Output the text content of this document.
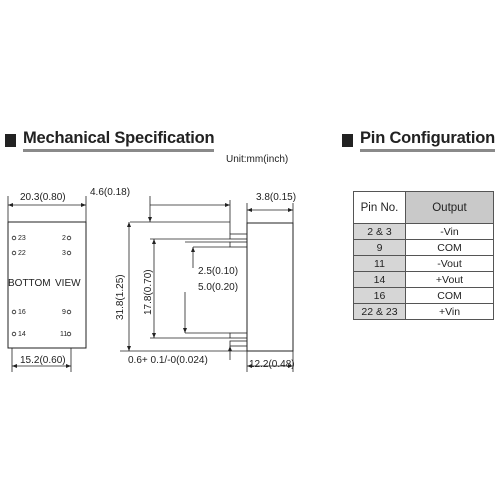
Mechanical Specification	Pin Configuration
Unit:mm(inch)
20.3(0.80)
15.2(0.60)
BOTTOM VIEW
4.6(0.18)	3.8(0.15)
31.8(1.25) 17.8(0.70)	2.5(0.10)
5.0(0.20)
0.6+ 0.1/-0(0.024)	12.2(0.48)
23
22
2
3
16	9
14	11
Pin No.	Output
2 & 3	-Vin
9	COM
11	-Vout
14	+Vout
16	COM
22 & 23	+Vin
